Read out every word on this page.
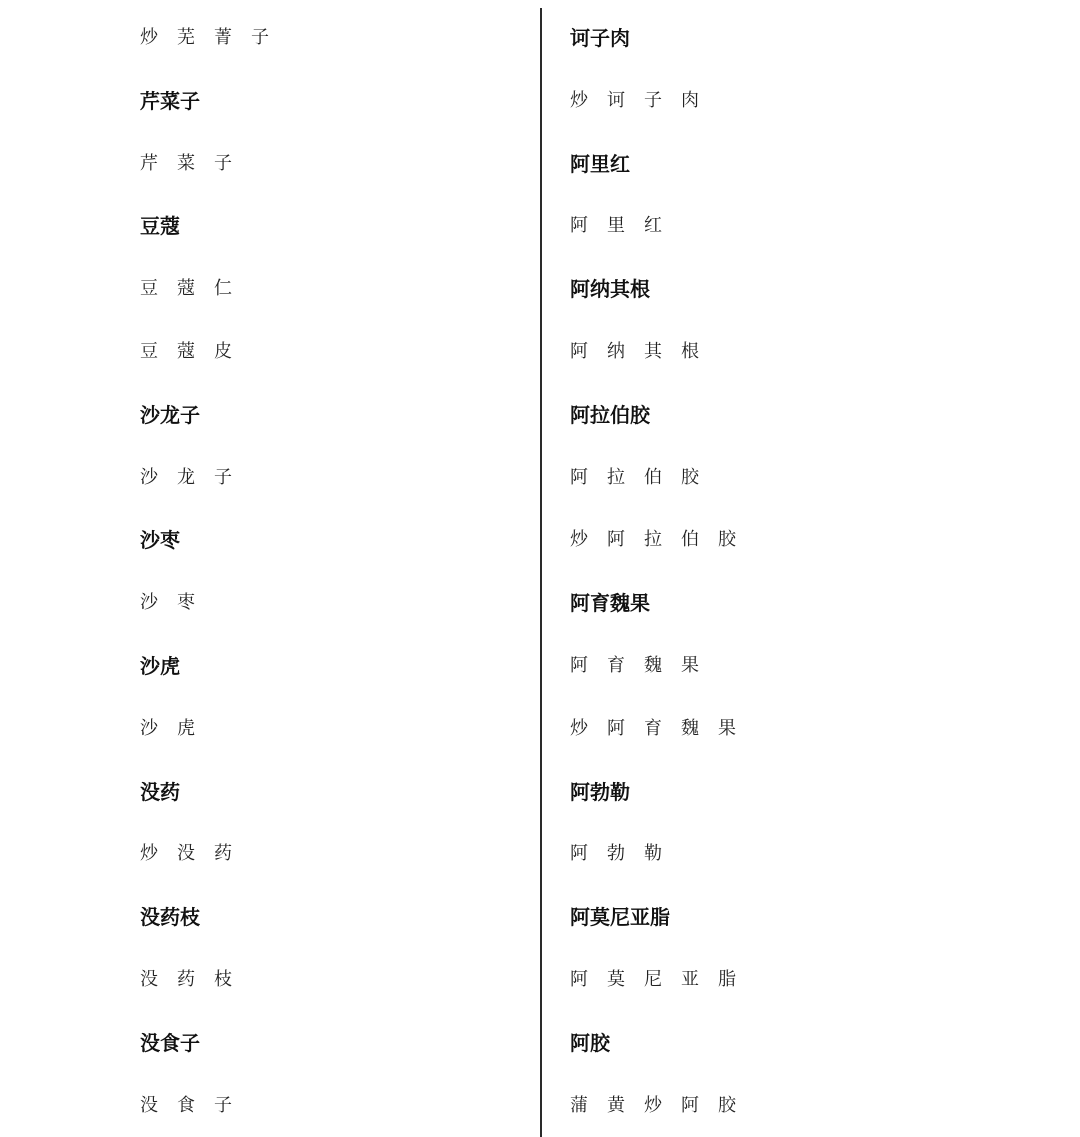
炒芜菁子
芹菜子
芹菜子
豆蔻
豆蔻仁
豆蔻皮
沙龙子
沙龙子
沙枣
沙枣
沙虎
沙虎
没药
炒没药
没药枝
没药枝
没食子
没食子
诃子肉
炒诃子肉
阿里红
阿里红
阿纳其根
阿纳其根
阿拉伯胶
阿拉伯胶
炒阿拉伯胶
阿育魏果
阿育魏果
炒阿育魏果
阿勃勒
阿勃勒
阿莫尼亚脂
阿莫尼亚脂
阿胶
蒲黄炒阿胶
